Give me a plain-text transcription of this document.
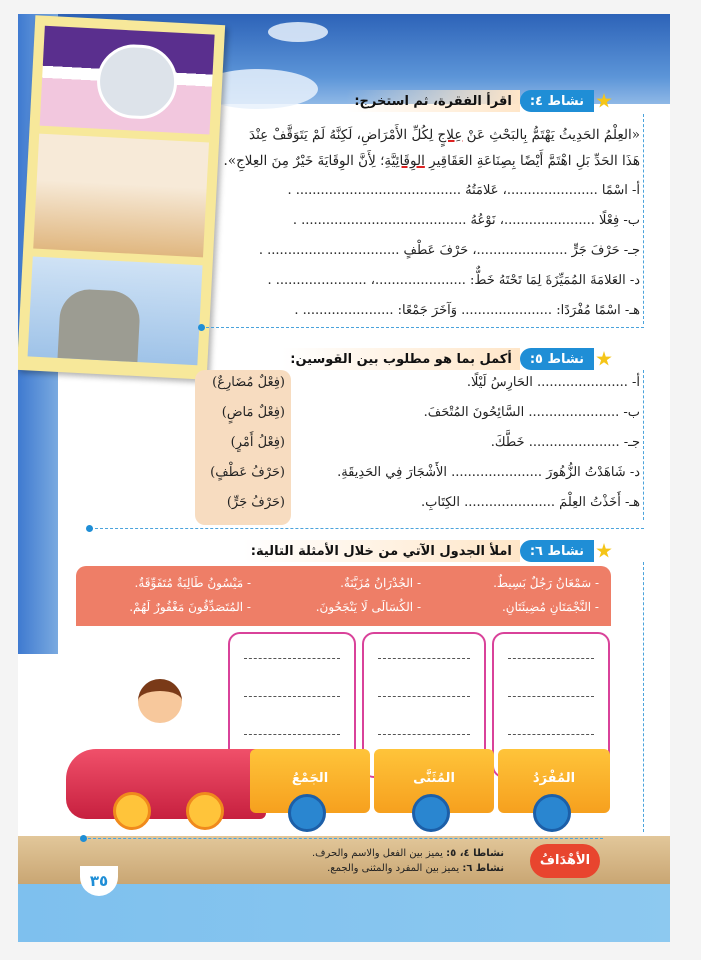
نشاط ٤:
اقرأ الفقرة، ثم استخرج:
«العِلْمُ الحَدِيثُ يَهْتَمُّ بِالبَحْثِ عَنْ عِلاجٍ لِكُلِّ الأَمْرَاضِ، لَكِنَّهُ لَمْ يَتَوَقَّفْ عِنْدَ
هَذَا الحَدِّ بَلِ اهْتَمَّ أَيْضًا بِصِنَاعَةِ العَقَاقِيرِ الوِقَائِيَّةِ؛ لِأَنَّ الوِقَايَةَ خَيْرٌ مِنَ العِلاجِ».
أ- اسْمًا ......................، عَلامَتُهُ ........................................ .
ب- فِعْلًا ......................، نَوْعُهُ ........................................ .
جـ- حَرْفَ جَرٍّ ......................، حَرْفَ عَطْفٍ ................................ .
د- العَلامَةَ المُمَيِّزَةَ لِمَا تَحْتَهُ خَطٌّ: ......................، ...................... .
هـ- اسْمًا مُفْرَدًا: ...................... وَآخَرَ جَمْعًا: ...................... .
نشاط ٥:
أكمل بما هو مطلوب بين القوسين:
أ- ...................... الحَارِسُ لَيْلًا.
ب- ...................... السَّائِحُونَ المُتْحَفَ.
جـ- ...................... خَطَّكَ.
د- شَاهَدْتُ الزُّهُورَ ...................... الأَشْجَارَ فِي الحَدِيقَةِ.
هـ- أَخَذْتُ العِلْمَ ...................... الكِتَابِ.
(فِعْلٌ مُضَارِعٌ)
(فِعْلٌ مَاضٍ)
(فِعْلُ أَمْرٍ)
(حَرْفُ عَطْفٍ)
(حَرْفُ جَرٍّ)
نشاط ٦:
املأ الجدول الآتي من خلال الأمثلة التالية:
- سَمْعَانُ رَجُلٌ بَسِيطٌ.
- الجُدْرَانُ مُزَيَّنَةٌ.
- مَيْسُونُ طَالِبَةٌ مُتَفَوِّقَةٌ.
- النَّجْمَتَانِ مُضِيئَتَانِ.
- الكُسَالَى لَا يَنْجَحُونَ.
- المُتَصَدِّقُونَ مَغْفُورٌ لَهُمْ.
الجَمْعُ	المُثَنَّى	المُفْرَدُ
نشاطا ٤، ٥: يميز بين الفعل والاسم والحرف.
نشاط ٦: يميز بين المفرد والمثنى والجمع.
الأهْدَافُ
٣٥
